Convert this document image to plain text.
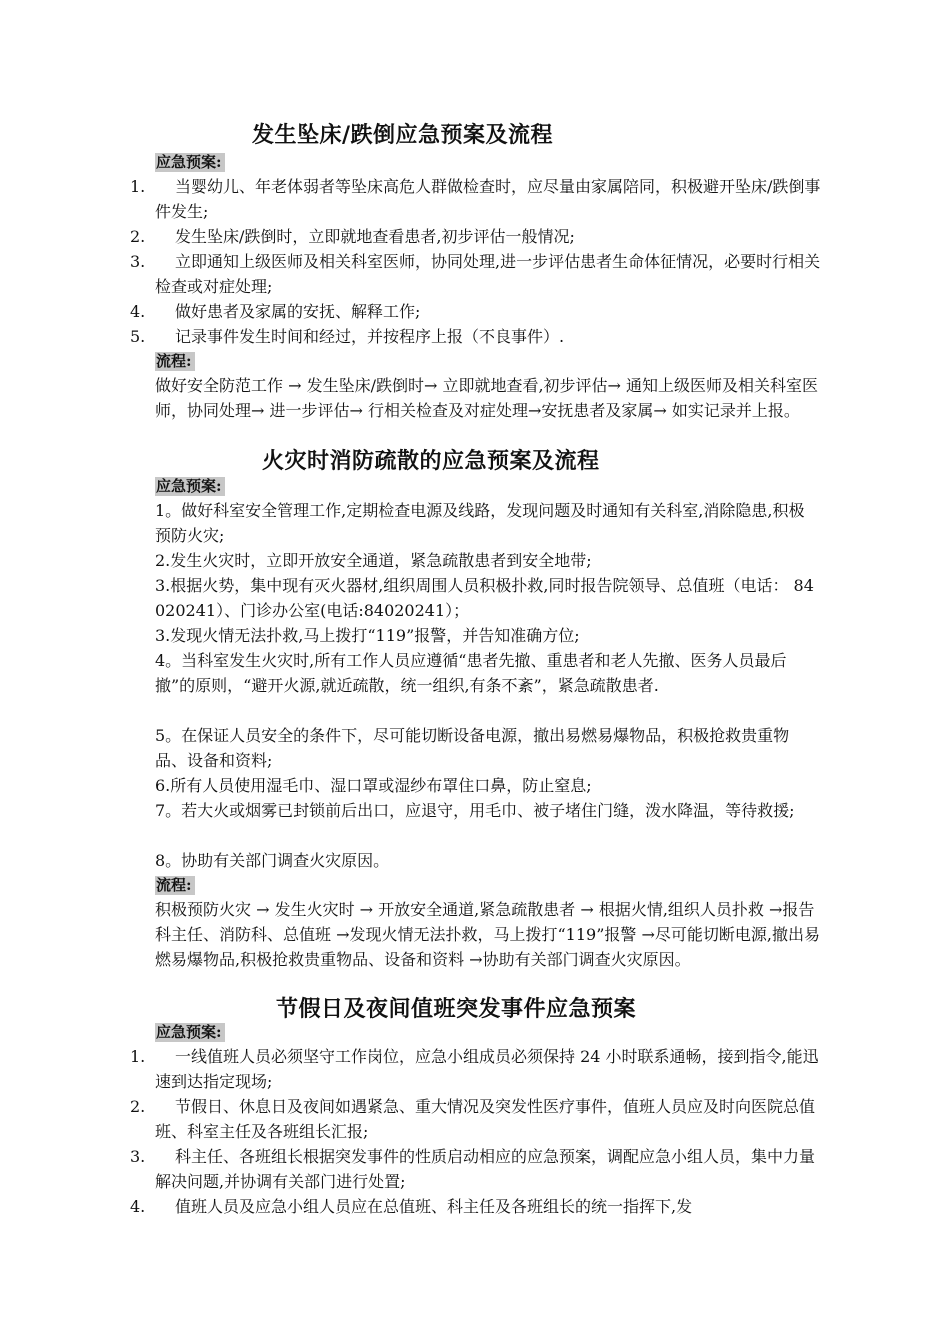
发生坠床/跌倒应急预案及流程
应急预案:
1.	当婴幼儿、年老体弱者等坠床高危人群做检查时，应尽量由家属陪同，积极避开坠床/跌倒事件发生;
2.	发生坠床/跌倒时，立即就地查看患者,初步评估一般情况;
3.	立即通知上级医师及相关科室医师，协同处理,进一步评估患者生命体征情况，必要时行相关检查或对症处理;
4.	做好患者及家属的安抚、解释工作;
5.	记录事件发生时间和经过，并按程序上报（不良事件）.
流程:
做好安全防范工作 → 发生坠床/跌倒时→ 立即就地查看,初步评估→ 通知上级医师及相关科室医师，协同处理→ 进一步评估→ 行相关检查及对症处理→安抚患者及家属→ 如实记录并上报。
火灾时消防疏散的应急预案及流程
应急预案:
1。做好科室安全管理工作,定期检查电源及线路，发现问题及时通知有关科室,消除隐患,积极预防火灾;
2.发生火灾时，立即开放安全通道，紧急疏散患者到安全地带;
3.根据火势，集中现有灭火器材,组织周围人员积极扑救,同时报告院领导、总值班（电话： 84020241）、门诊办公室(电话:84020241）；
3.发现火情无法扑救,马上拨打“119”报警，并告知准确方位;
4。当科室发生火灾时,所有工作人员应遵循“患者先撤、重患者和老人先撤、医务人员最后撤”的原则，“避开火源,就近疏散，统一组织,有条不紊”，紧急疏散患者.
5。在保证人员安全的条件下，尽可能切断设备电源，撤出易燃易爆物品，积极抢救贵重物品、设备和资料;
6.所有人员使用湿毛巾、湿口罩或湿纱布罩住口鼻，防止窒息;
7。若大火或烟雾已封锁前后出口，应退守，用毛巾、被子堵住门缝，泼水降温，等待救援;
8。协助有关部门调查火灾原因。
流程:
积极预防火灾 → 发生火灾时 → 开放安全通道,紧急疏散患者 → 根据火情,组织人员扑救 →报告科主任、消防科、总值班 →发现火情无法扑救，马上拨打“119”报警 →尽可能切断电源,撤出易燃易爆物品,积极抢救贵重物品、设备和资料 →协助有关部门调查火灾原因。
节假日及夜间值班突发事件应急预案
应急预案:
1.	一线值班人员必须坚守工作岗位，应急小组成员必须保持 24 小时联系通畅，接到指令,能迅速到达指定现场;
2.	节假日、休息日及夜间如遇紧急、重大情况及突发性医疗事件，值班人员应及时向医院总值班、科室主任及各班组长汇报;
3.	科主任、各班组长根据突发事件的性质启动相应的应急预案，调配应急小组人员，集中力量解决问题,并协调有关部门进行处置;
4.	值班人员及应急小组人员应在总值班、科主任及各班组长的统一指挥下,发
